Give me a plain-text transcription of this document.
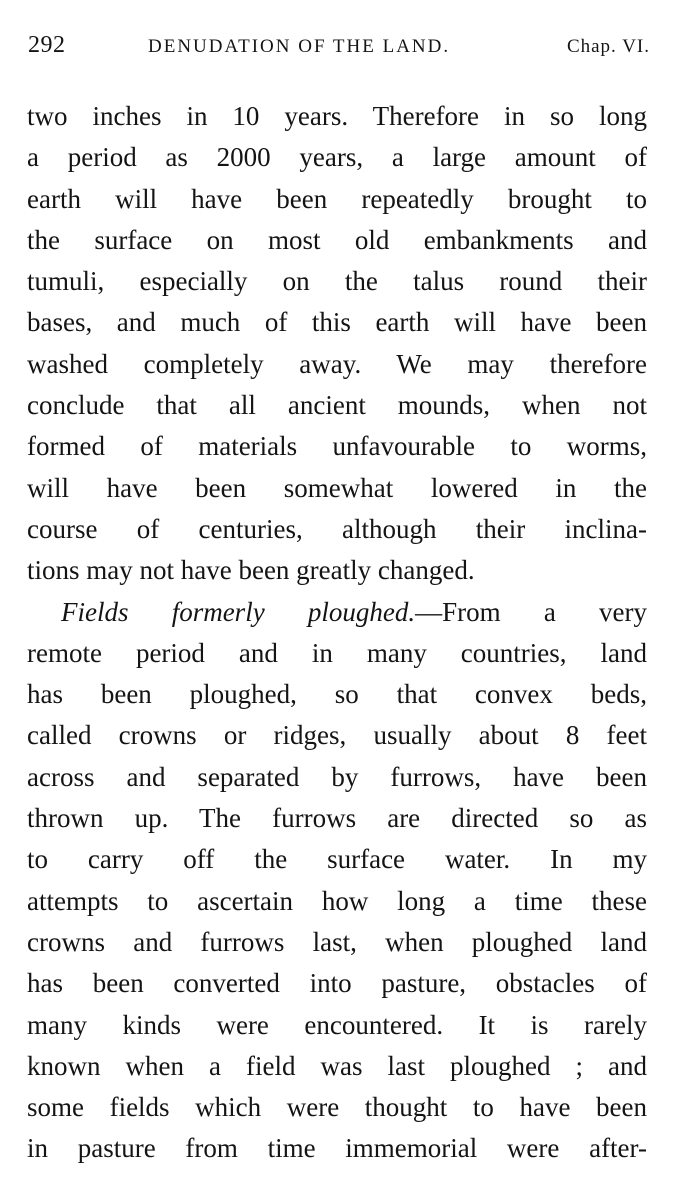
292	DENUDATION OF THE LAND.	Chap. VI.
two inches in 10 years. Therefore in so long
a period as 2000 years, a large amount of
earth will have been repeatedly brought to
the surface on most old embankments and
tumuli, especially on the talus round their
bases, and much of this earth will have been
washed completely away. We may therefore
conclude that all ancient mounds, when not
formed of materials unfavourable to worms,
will have been somewhat lowered in the
course of centuries, although their inclina-
tions may not have been greatly changed.
Fields formerly ploughed.—From a very
remote period and in many countries, land
has been ploughed, so that convex beds,
called crowns or ridges, usually about 8 feet
across and separated by furrows, have been
thrown up. The furrows are directed so as
to carry off the surface water. In my
attempts to ascertain how long a time these
crowns and furrows last, when ploughed land
has been converted into pasture, obstacles of
many kinds were encountered. It is rarely
known when a field was last ploughed ; and
some fields which were thought to have been
in pasture from time immemorial were after-
